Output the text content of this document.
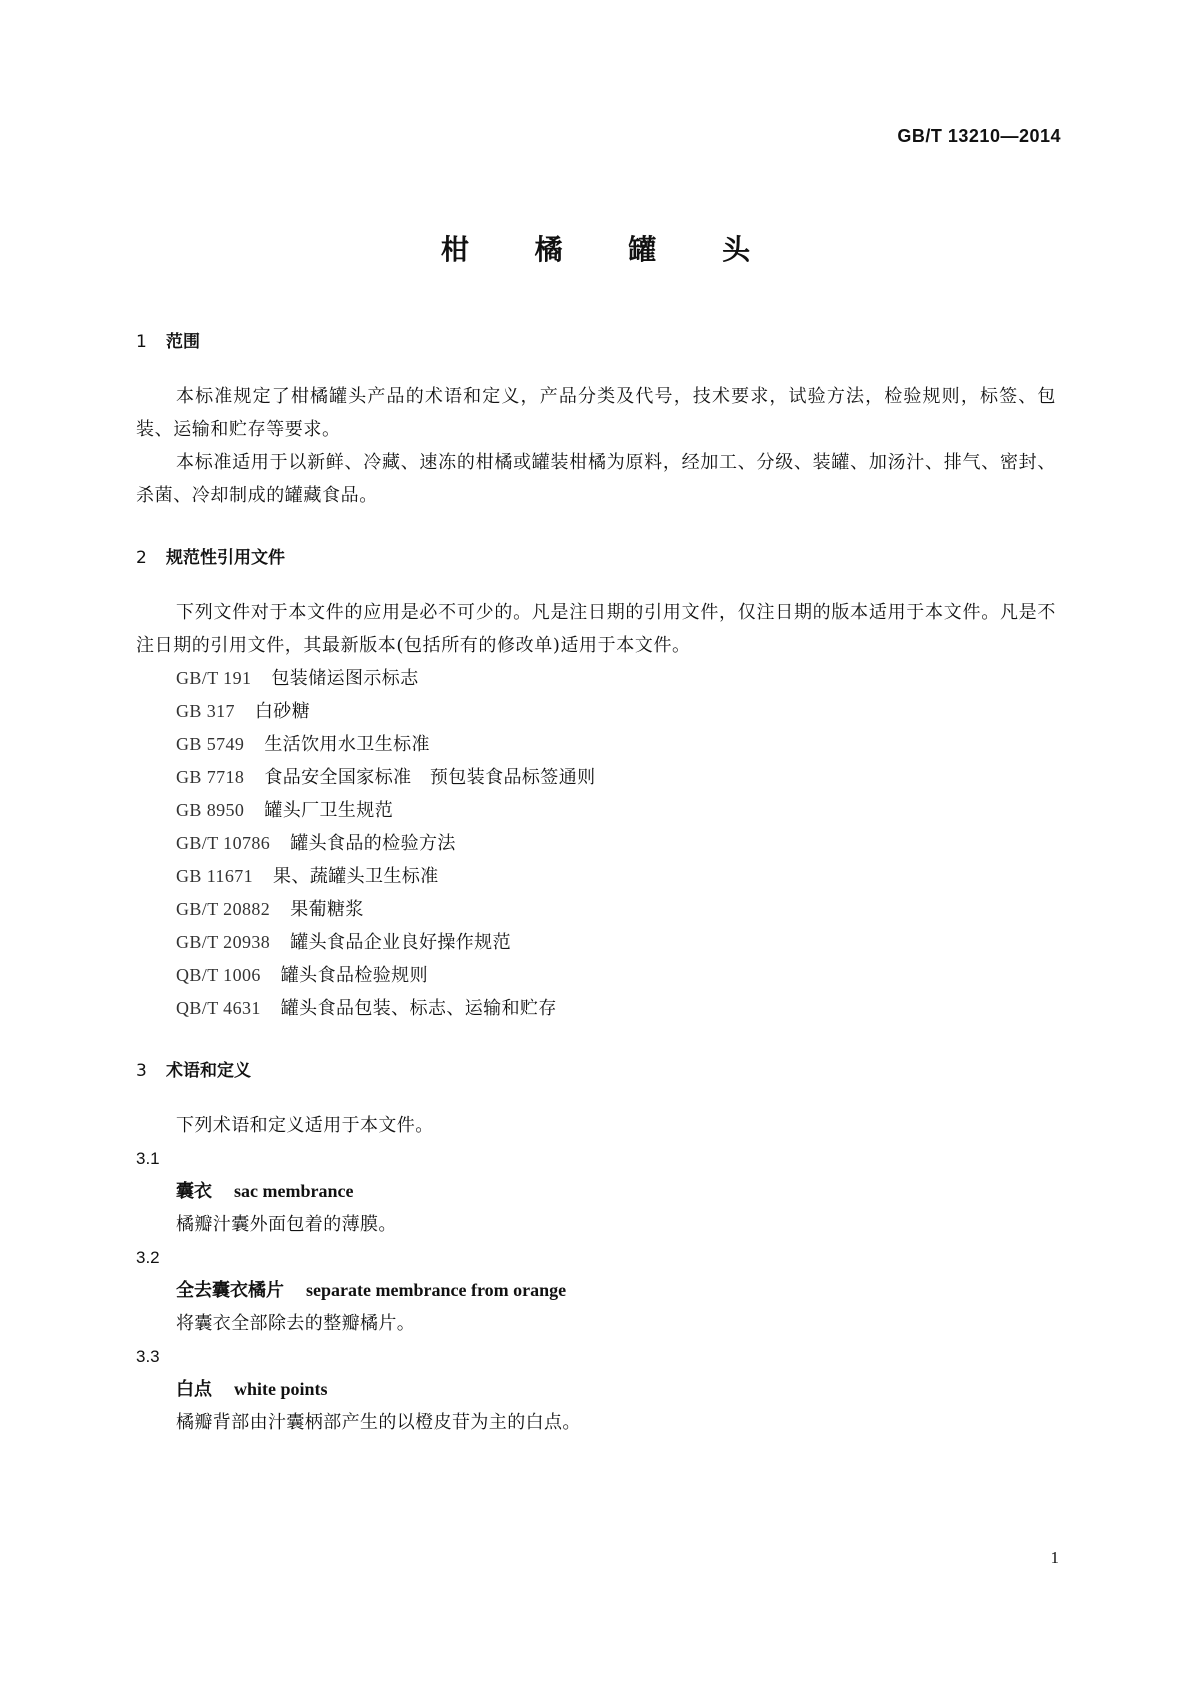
GB/T 13210—2014
柑 橘 罐 头
1 范围

本标准规定了柑橘罐头产品的术语和定义，产品分类及代号，技术要求，试验方法，检验规则，标签、包装、运输和贮存等要求。

本标准适用于以新鲜、冷藏、速冻的柑橘或罐装柑橘为原料，经加工、分级、装罐、加汤汁、排气、密封、杀菌、冷却制成的罐藏食品。

2 规范性引用文件

下列文件对于本文件的应用是必不可少的。凡是注日期的引用文件，仅注日期的版本适用于本文件。凡是不注日期的引用文件，其最新版本(包括所有的修改单)适用于本文件。

GB/T 191 包装储运图示标志

GB 317 白砂糖

GB 5749 生活饮用水卫生标准

GB 7718 食品安全国家标准　预包装食品标签通则

GB 8950 罐头厂卫生规范

GB/T 10786 罐头食品的检验方法

GB 11671 果、蔬罐头卫生标准

GB/T 20882 果葡糖浆

GB/T 20938 罐头食品企业良好操作规范

QB/T 1006 罐头食品检验规则

QB/T 4631 罐头食品包装、标志、运输和贮存

3 术语和定义

下列术语和定义适用于本文件。

3.1

囊衣 sac membrance

橘瓣汁囊外面包着的薄膜。

3.2

全去囊衣橘片 separate membrance from orange

将囊衣全部除去的整瓣橘片。

3.3

白点 white points

橘瓣背部由汁囊柄部产生的以橙皮苷为主的白点。

1
